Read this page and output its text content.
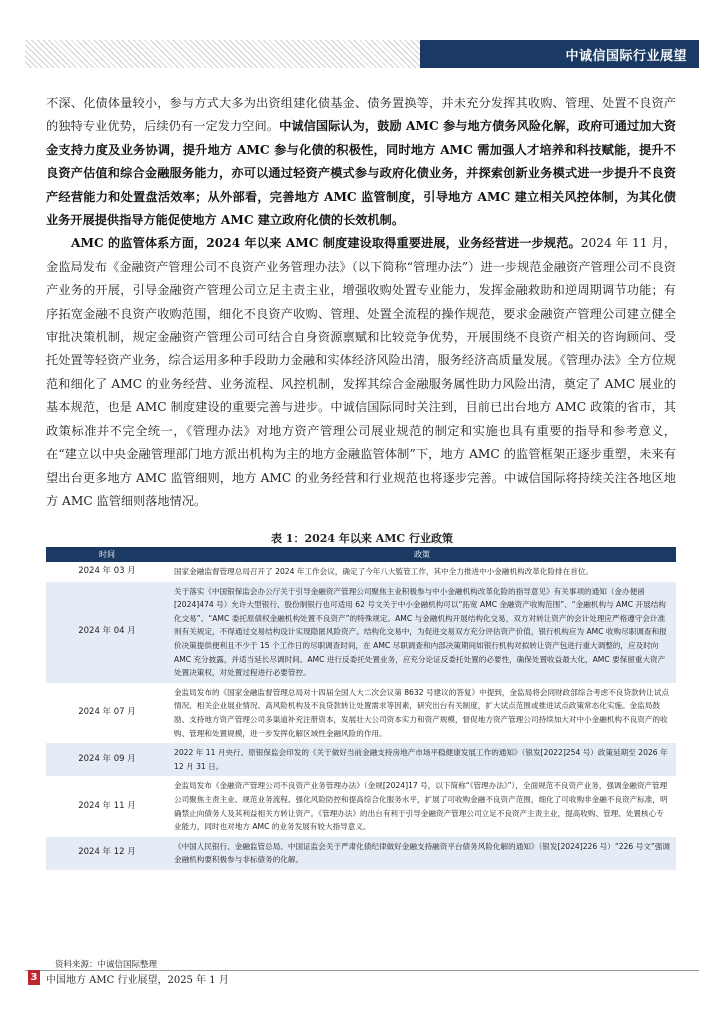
中诚信国际行业展望

不深、化债体量较小，参与方式大多为出资组建化债基金、债务置换等，并未充分发挥其收购、管理、处置不良资产的独特专业优势，后续仍有一定发力空间。中诚信国际认为，鼓励 AMC 参与地方债务风险化解，政府可通过加大资金支持力度及业务协调，提升地方 AMC 参与化债的积极性，同时地方 AMC 需加强人才培养和科技赋能，提升不良资产估值和综合金融服务能力，亦可以通过轻资产模式参与政府化债业务，并探索创新业务模式进一步提升不良资产经营能力和处置盘活效率；从外部看，完善地方 AMC 监管制度，引导地方 AMC 建立相关风控体制，为其化债业务开展提供指导方能促使地方 AMC 建立政府化债的长效机制。

AMC 的监管体系方面，2024 年以来 AMC 制度建设取得重要进展，业务经营进一步规范。2024 年 11 月，金监局发布《金融资产管理公司不良资产业务管理办法》（以下简称“管理办法”）进一步规范金融资产管理公司不良资产业务的开展，引导金融资产管理公司立足主责主业，增强收购处置专业能力，发挥金融救助和逆周期调节功能；有序拓宽金融不良资产收购范围，细化不良资产收购、管理、处置全流程的操作规范，要求金融资产管理公司建立健全审批决策机制，规定金融资产管理公司可结合自身资源禀赋和比较竞争优势，开展围绕不良资产相关的咨询顾问、受托处置等轻资产业务，综合运用多种手段助力金融和实体经济风险出清，服务经济高质量发展。《管理办法》全方位规范和细化了 AMC 的业务经营、业务流程、风控机制，发挥其综合金融服务属性助力风险出清，奠定了 AMC 展业的基本规范，也是 AMC 制度建设的重要完善与进步。中诚信国际同时关注到，目前已出台地方 AMC 政策的省市，其政策标准并不完全统一，《管理办法》对地方资产管理公司展业规范的制定和实施也具有重要的指导和参考意义，在“建立以中央金融管理部门地方派出机构为主的地方金融监管体制”下，地方 AMC 的监管框架正逐步重塑，未来有望出台更多地方 AMC 监管细则，地方 AMC 的业务经营和行业规范也将逐步完善。中诚信国际将持续关注各地区地方 AMC 监管细则落地情况。

表 1：2024 年以来 AMC 行业政策
时间	政策
2024 年 03 月	国家金融监督管理总局召开了 2024 年工作会议，确定了今年八大監管工作，其中全力推进中小金融机构改革化险排在首位。
2024 年 04 月	关于落实《中国银保监会办公厅关于引导金融资产管理公司聚焦主业积极参与中小金融机构改革化险的指导意见》有关事项的通知（金办便函[2024]474 号）允许大型银行、股份制银行也可适用 62 号文关于中小金融机构可以“拓宽 AMC 金融资产收购范围”、“金融机构与 AMC 开展结构化交易”、“AMC 委托原债权金融机构处置不良资产”的特殊规定。AMC 与金融机构开展结构化交易，双方对转让资产的会计处理应严格遵守会计准则有关规定，不得通过交易结构设计实现隐匿风险资产。结构化交易中，为促进交易双方充分评估资产价值，银行机构应为 AMC 收购尽职调查和报价决策提供便利且不少于 15 个工作日的尽职调查时间，在 AMC 尽职调查和内部决策期间如银行机构对拟转让资产包进行重大调整的，应及时向 AMC 充分披露，并适当延长尽调时间。AMC 进行反委托处置业务，应充分论证反委托处置的必要性，确保处置收益最大化，AMC 要保留重大资产处置决策权，对处置过程进行必要管控。
2024 年 07 月	金监局发布的《国家金融监督管理总局对十四届全国人大二次会议第 8632 号建议的答复》中提到，金监局将会同财政部综合考虑不良贷款转让试点情况、相关企业展业情况、高风险机构及不良贷款转让处置需求等因素，研究出台有关制度，扩大试点范围或推进试点政策常态化实施。金监局鼓励、支持地方资产管理公司多渠道补充注册资本，发展壮大公司资本实力和资产规模，督促地方资产管理公司持续加大对中小金融机构不良资产的收购、管理和处置规模，进一步发挥化解区域性金融风险的作用。
2024 年 09 月	2022 年 11 月央行、原银保监会印发的《关于做好当前金融支持房地产市场平稳健康发展工作的通知》（银发[2022]254 号）政策延期至 2026 年 12 月 31 日。
2024 年 11 月	金监局发布《金融资产管理公司不良资产业务管理办法》（金规[2024]17 号，以下简称“《管理办法》”），全面规范不良资产业务，强调金融资产管理公司聚焦主责主业、规范业务流程、强化风险防控和提高综合化服务水平，扩展了可收购金融不良资产范围，细化了可收购非金融不良资产标准，明确禁止向债务人及其利益相关方转让资产。《管理办法》的出台有利于引导金融资产管理公司立足不良资产主责主业，提高收购、管理、处置核心专业能力，同时也对地方 AMC 的业务发展有较大指导意义。
2024 年 12 月	《中国人民银行、金融监管总局、中国证监会关于严肃化债纪律做好金融支持融资平台债务风险化解的通知》（银发[2024]226 号）“226 号文”强调金融机构要积极参与非标债务的化解。
资料来源：中诚信国际整理
3 中国地方 AMC 行业展望，2025 年 1 月
